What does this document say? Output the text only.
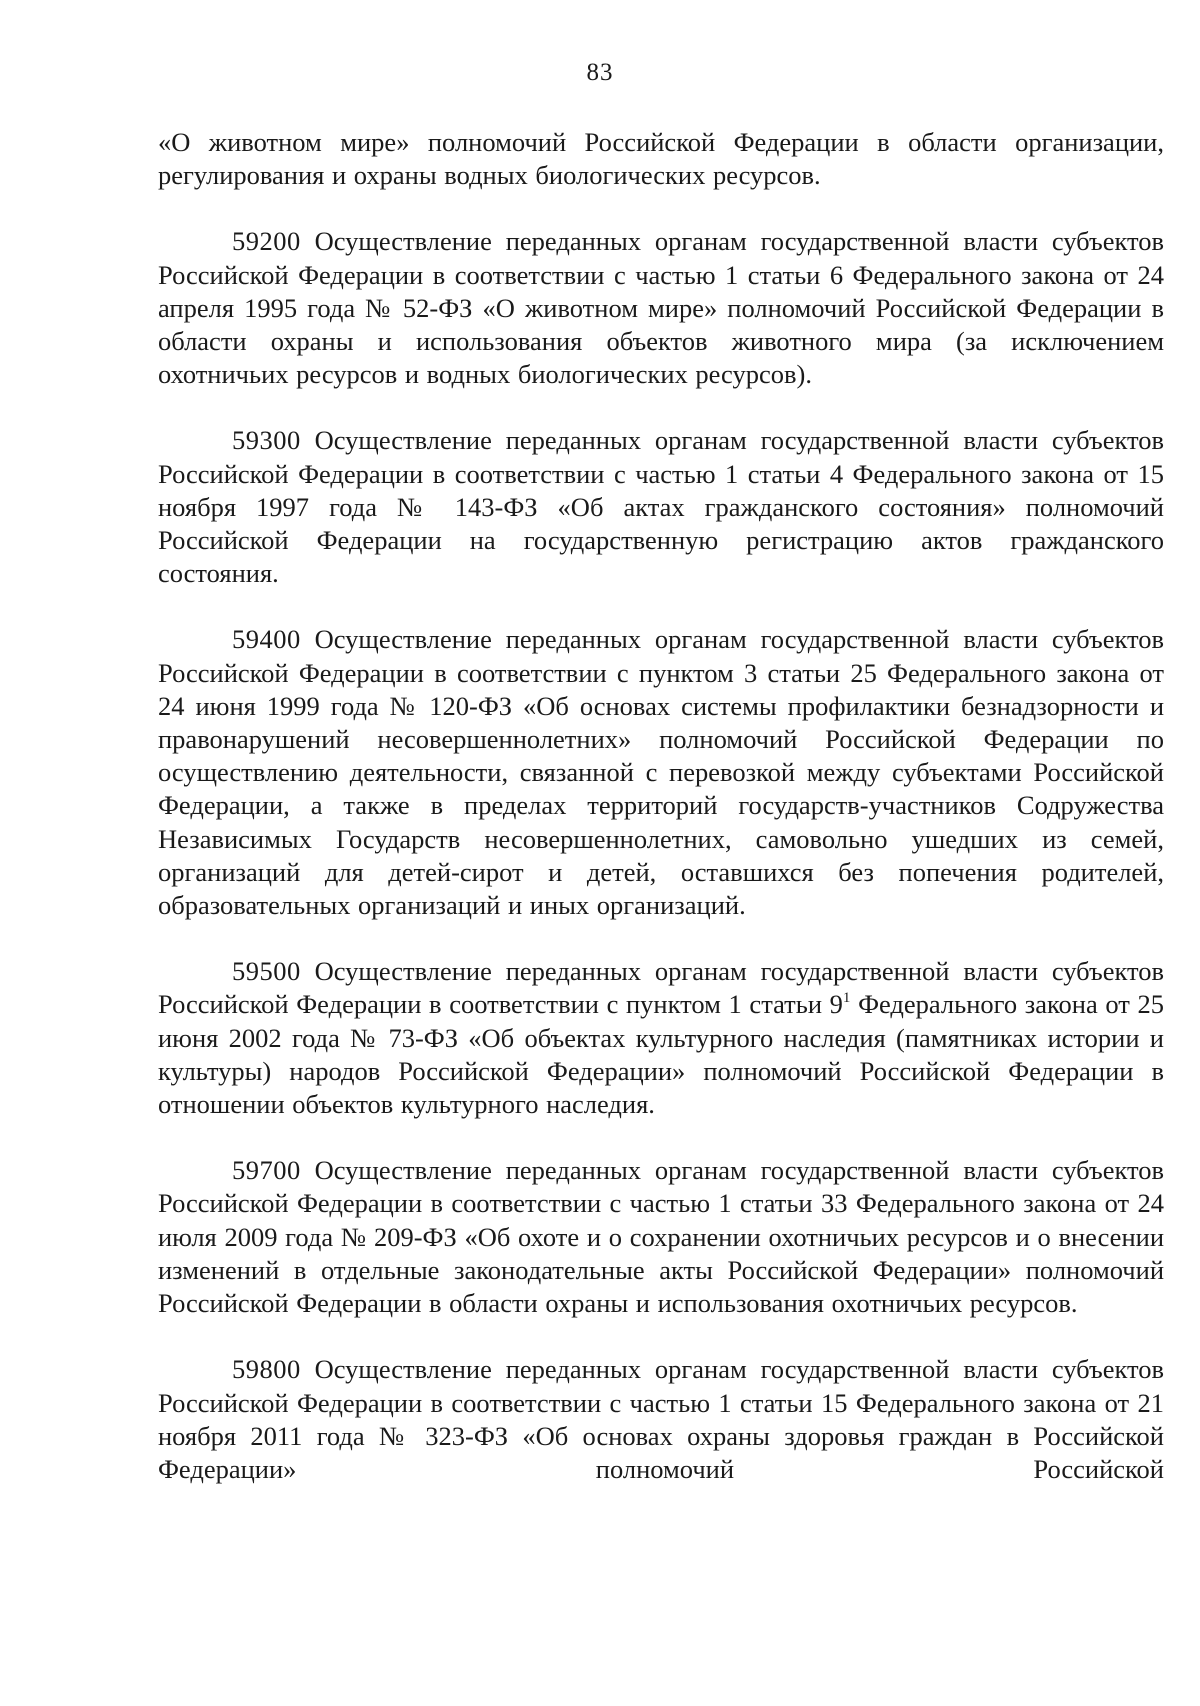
83

«О животном мире» полномочий Российской Федерации в области организации, регулирования и охраны водных биологических ресурсов.

59200 Осуществление переданных органам государственной власти субъектов Российской Федерации в соответствии с частью 1 статьи 6 Федерального закона от 24 апреля 1995 года № 52-ФЗ «О животном мире» полномочий Российской Федерации в области охраны и использования объектов животного мира (за исключением охотничьих ресурсов и водных биологических ресурсов).

59300 Осуществление переданных органам государственной власти субъектов Российской Федерации в соответствии с частью 1 статьи 4 Федерального закона от 15 ноября 1997 года № 143-ФЗ «Об актах гражданского состояния» полномочий Российской Федерации на государственную регистрацию актов гражданского состояния.

59400 Осуществление переданных органам государственной власти субъектов Российской Федерации в соответствии с пунктом 3 статьи 25 Федерального закона от 24 июня 1999 года № 120-ФЗ «Об основах системы профилактики безнадзорности и правонарушений несовершеннолетних» полномочий Российской Федерации по осуществлению деятельности, связанной с перевозкой между субъектами Российской Федерации, а также в пределах территорий государств-участников Содружества Независимых Государств несовершеннолетних, самовольно ушедших из семей, организаций для детей-сирот и детей, оставшихся без попечения родителей, образовательных организаций и иных организаций.

59500 Осуществление переданных органам государственной власти субъектов Российской Федерации в соответствии с пунктом 1 статьи $9^1$ Федерального закона от 25 июня 2002 года № 73-ФЗ «Об объектах культурного наследия (памятниках истории и культуры) народов Российской Федерации» полномочий Российской Федерации в отношении объектов культурного наследия.

59700 Осуществление переданных органам государственной власти субъектов Российской Федерации в соответствии с частью 1 статьи 33 Федерального закона от 24 июля 2009 года № 209-ФЗ «Об охоте и о сохранении охотничьих ресурсов и о внесении изменений в отдельные законодательные акты Российской Федерации» полномочий Российской Федерации в области охраны и использования охотничьих ресурсов.

59800 Осуществление переданных органам государственной власти субъектов Российской Федерации в соответствии с частью 1 статьи 15 Федерального закона от 21 ноября 2011 года № 323-ФЗ «Об основах охраны здоровья граждан в Российской Федерации» полномочий Российской
